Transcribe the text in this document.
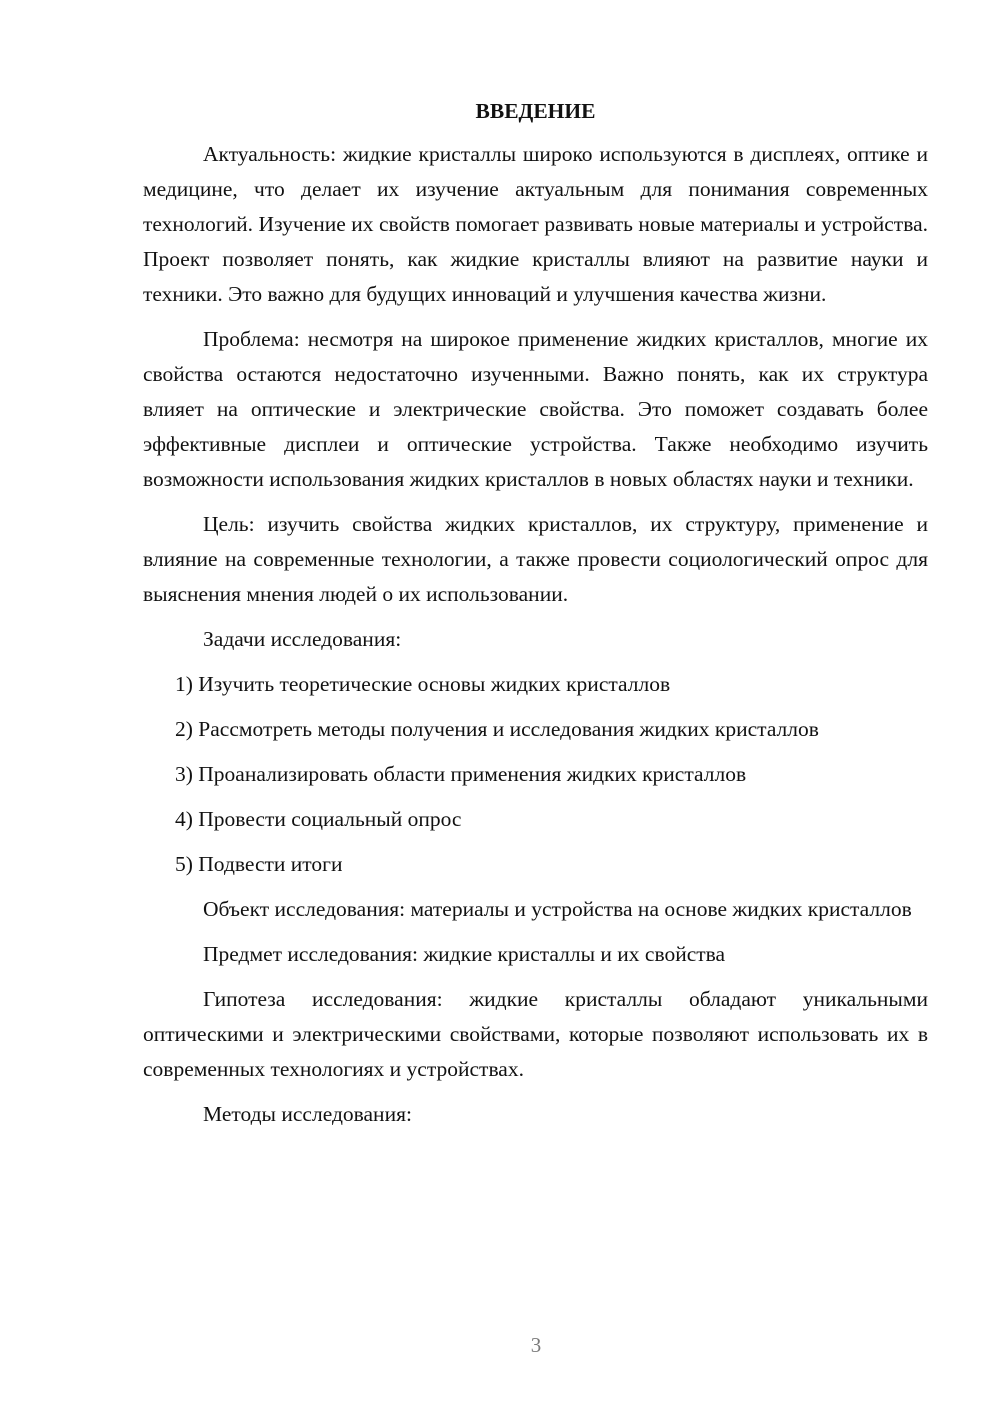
ВВЕДЕНИЕ

Актуальность: жидкие кристаллы широко используются в дисплеях, оптике и медицине, что делает их изучение актуальным для понимания современных технологий. Изучение их свойств помогает развивать новые материалы и устройства. Проект позволяет понять, как жидкие кристаллы влияют на развитие науки и техники. Это важно для будущих инноваций и улучшения качества жизни.

Проблема: несмотря на широкое применение жидких кристаллов, многие их свойства остаются недостаточно изученными. Важно понять, как их структура влияет на оптические и электрические свойства. Это поможет создавать более эффективные дисплеи и оптические устройства. Также необходимо изучить возможности использования жидких кристаллов в новых областях науки и техники.

Цель: изучить свойства жидких кристаллов, их структуру, применение и влияние на современные технологии, а также провести социологический опрос для выяснения мнения людей о их использовании.

Задачи исследования:

1) Изучить теоретические основы жидких кристаллов
2) Рассмотреть методы получения и исследования жидких кристаллов
3) Проанализировать области применения жидких кристаллов
4) Провести социальный опрос
5) Подвести итоги

Объект исследования: материалы и устройства на основе жидких кристаллов

Предмет исследования: жидкие кристаллы и их свойства

Гипотеза исследования: жидкие кристаллы обладают уникальными оптическими и электрическими свойствами, которые позволяют использовать их в современных технологиях и устройствах.

Методы исследования:

3
